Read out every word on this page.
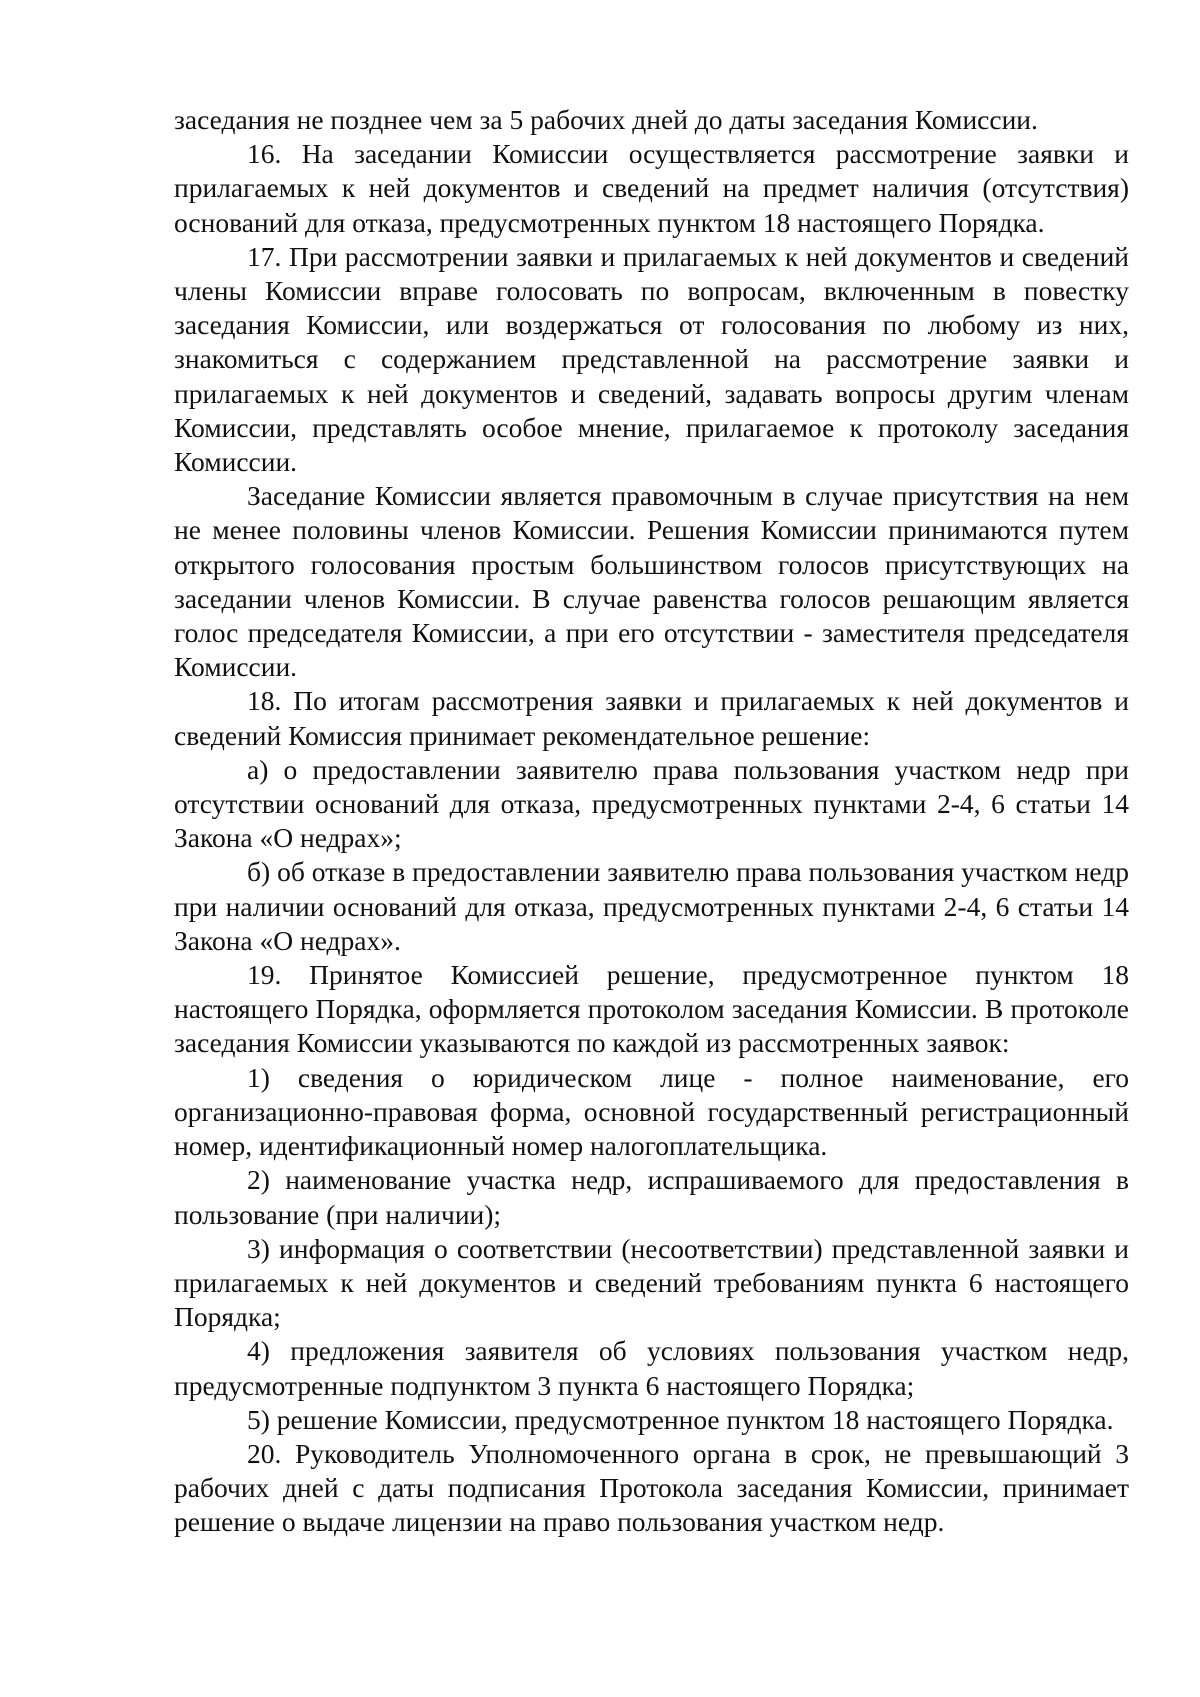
заседания не позднее чем за 5 рабочих дней до даты заседания Комиссии.

16. На заседании Комиссии осуществляется рассмотрение заявки и прилагаемых к ней документов и сведений на предмет наличия (отсутствия) оснований для отказа, предусмотренных пунктом 18 настоящего Порядка.

17. При рассмотрении заявки и прилагаемых к ней документов и сведений члены Комиссии вправе голосовать по вопросам, включенным в повестку заседания Комиссии, или воздержаться от голосования по любому из них, знакомиться с содержанием представленной на рассмотрение заявки и прилагаемых к ней документов и сведений, задавать вопросы другим членам Комиссии, представлять особое мнение, прилагаемое к протоколу заседания Комиссии.

Заседание Комиссии является правомочным в случае присутствия на нем не менее половины членов Комиссии. Решения Комиссии принимаются путем открытого голосования простым большинством голосов присутствующих на заседании членов Комиссии. В случае равенства голосов решающим является голос председателя Комиссии, а при его отсутствии - заместителя председателя Комиссии.

18. По итогам рассмотрения заявки и прилагаемых к ней документов и сведений Комиссия принимает рекомендательное решение:

а) о предоставлении заявителю права пользования участком недр при отсутствии оснований для отказа, предусмотренных пунктами 2-4, 6 статьи 14 Закона «О недрах»;

б) об отказе в предоставлении заявителю права пользования участком недр при наличии оснований для отказа, предусмотренных пунктами 2-4, 6 статьи 14 Закона «О недрах».

19. Принятое Комиссией решение, предусмотренное пунктом 18 настоящего Порядка, оформляется протоколом заседания Комиссии. В протоколе заседания Комиссии указываются по каждой из рассмотренных заявок:

1) сведения о юридическом лице - полное наименование, его организационно-правовая форма, основной государственный регистрационный номер, идентификационный номер налогоплательщика.

2) наименование участка недр, испрашиваемого для предоставления в пользование (при наличии);

3) информация о соответствии (несоответствии) представленной заявки и прилагаемых к ней документов и сведений требованиям пункта 6 настоящего Порядка;

4) предложения заявителя об условиях пользования участком недр, предусмотренные подпунктом 3 пункта 6 настоящего Порядка;

5) решение Комиссии, предусмотренное пунктом 18 настоящего Порядка.

20. Руководитель Уполномоченного органа в срок, не превышающий 3 рабочих дней с даты подписания Протокола заседания Комиссии, принимает решение о выдаче лицензии на право пользования участком недр.
